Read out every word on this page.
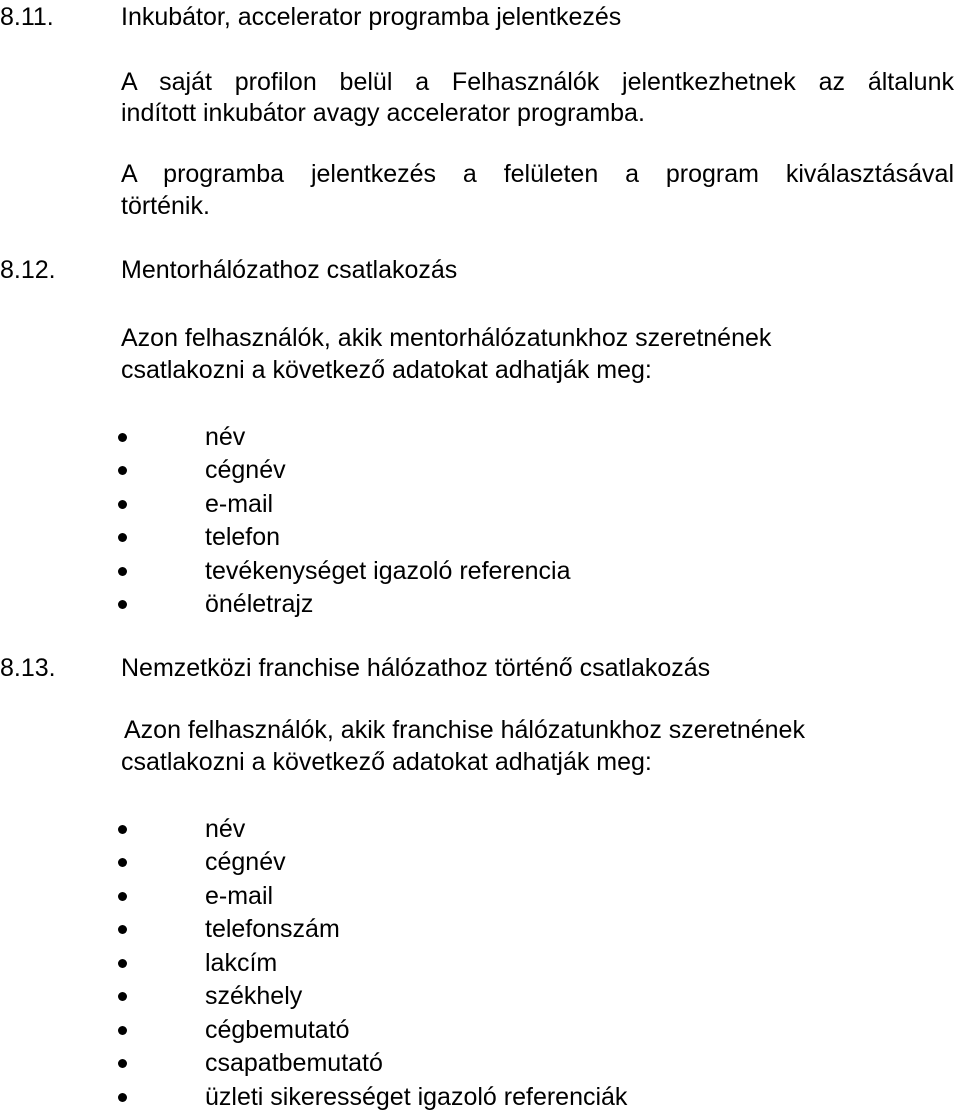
8.11.	Inkubátor, accelerator programba jelentkezés
A saját profilon belül a Felhasználók jelentkezhetnek az általunk
indított inkubátor avagy accelerator programba.
A programba jelentkezés a felületen a program kiválasztásával
történik.
8.12.	Mentorhálózathoz csatlakozás
Azon felhasználók, akik mentorhálózatunkhoz szeretnének
csatlakozni a következő adatokat adhatják meg:
név
cégnév
e-mail
telefon
tevékenységet igazoló referencia
önéletrajz
8.13.	Nemzetközi franchise hálózathoz történő csatlakozás
Azon felhasználók, akik franchise hálózatunkhoz szeretnének
csatlakozni a következő adatokat adhatják meg:
név
cégnév
e-mail
telefonszám
lakcím
székhely
cégbemutató
csapatbemutató
üzleti sikerességet igazoló referenciák
